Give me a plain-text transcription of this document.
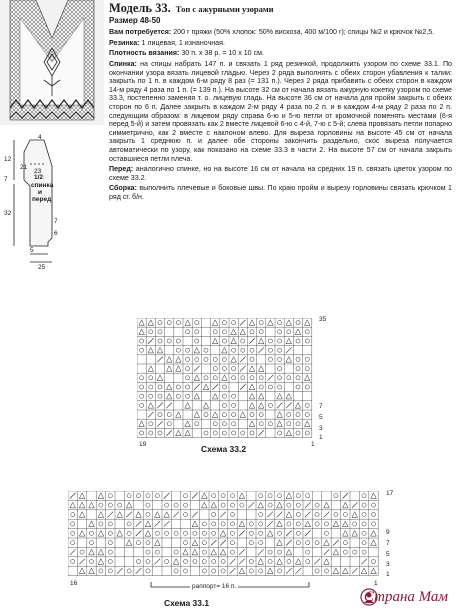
12
7
32
21
4
23
1/2
спинка
и
перед
7
6
5
25
Модель 33. Топ с ажурными узорами
Размер 48-50

Вам потребуется: 200 г пряжи (50% хлопок: 50% вискоза, 400 м/100 г); спицы №2 и крючок №2,5.

Резинка: 1 лицевая, 1 изнаночная.

Плотность вязания: 30 п. х 38 р. = 10 х 10 см.

Спинка: на спицы набрать 147 п. и связать 1 ряд резинкой, продолжить узором по схеме 33.1. По окончании узора вязать лицевой гладью. Через 2 ряда выполнять с обеих сторон убавления к талии: закрыть по 1 п. в каждом 6-м ряду 8 раз (= 131 п.). Через 2 ряда прибавить с обеих сторон в каждом 14-м ряду 4 раза по 1 п. (= 139 п.). На высоте 32 см от начала вязать ажурную кокетку узором по схеме 33.3, постепенно заменяя т. о. лицевую гладь. На высоте 36 см от начала для пройм закрыть с обеих сторон по 6 п. Далее закрыть в каждом 2-м ряду 4 раза по 2 п. и в каждом 4-м ряду 2 раза по 2 п. следующим образом: в лицевом ряду справа 6-ю и 5-ю петли от кромочной поменять местами (6-я перед 5-й) и затем провязать как 2 вместе лицевой 6-ю с 4-й, 7-ю с 5-й; слева провязать петли попарно симметрично, как 2 вместе с наклоном влево. Для выреза горловины на высоте 45 см от начала закрыть 1 среднюю п. и далее обе стороны закончить раздельно, скос выреза получается автоматически по узору, как показано на схеме 33.3 в части 2. На высоте 57 см от начала закрыть оставшиеся петли плеча.

Перед: аналогично спинке, но на высоте 16 см от начала на средних 19 п. связать цветок узором по схеме 33.2.

Сборка: выполнить плечевые и боковые швы. По краю пройм и вырезу горловины связать крючком 1 ряд сг. б/н.

35
7
5
3
1
19	1
Схема 33.2
17
9
7
5
3
1
раппорт= 16 п.
16	1
Схема 33.1	Страна Мам
